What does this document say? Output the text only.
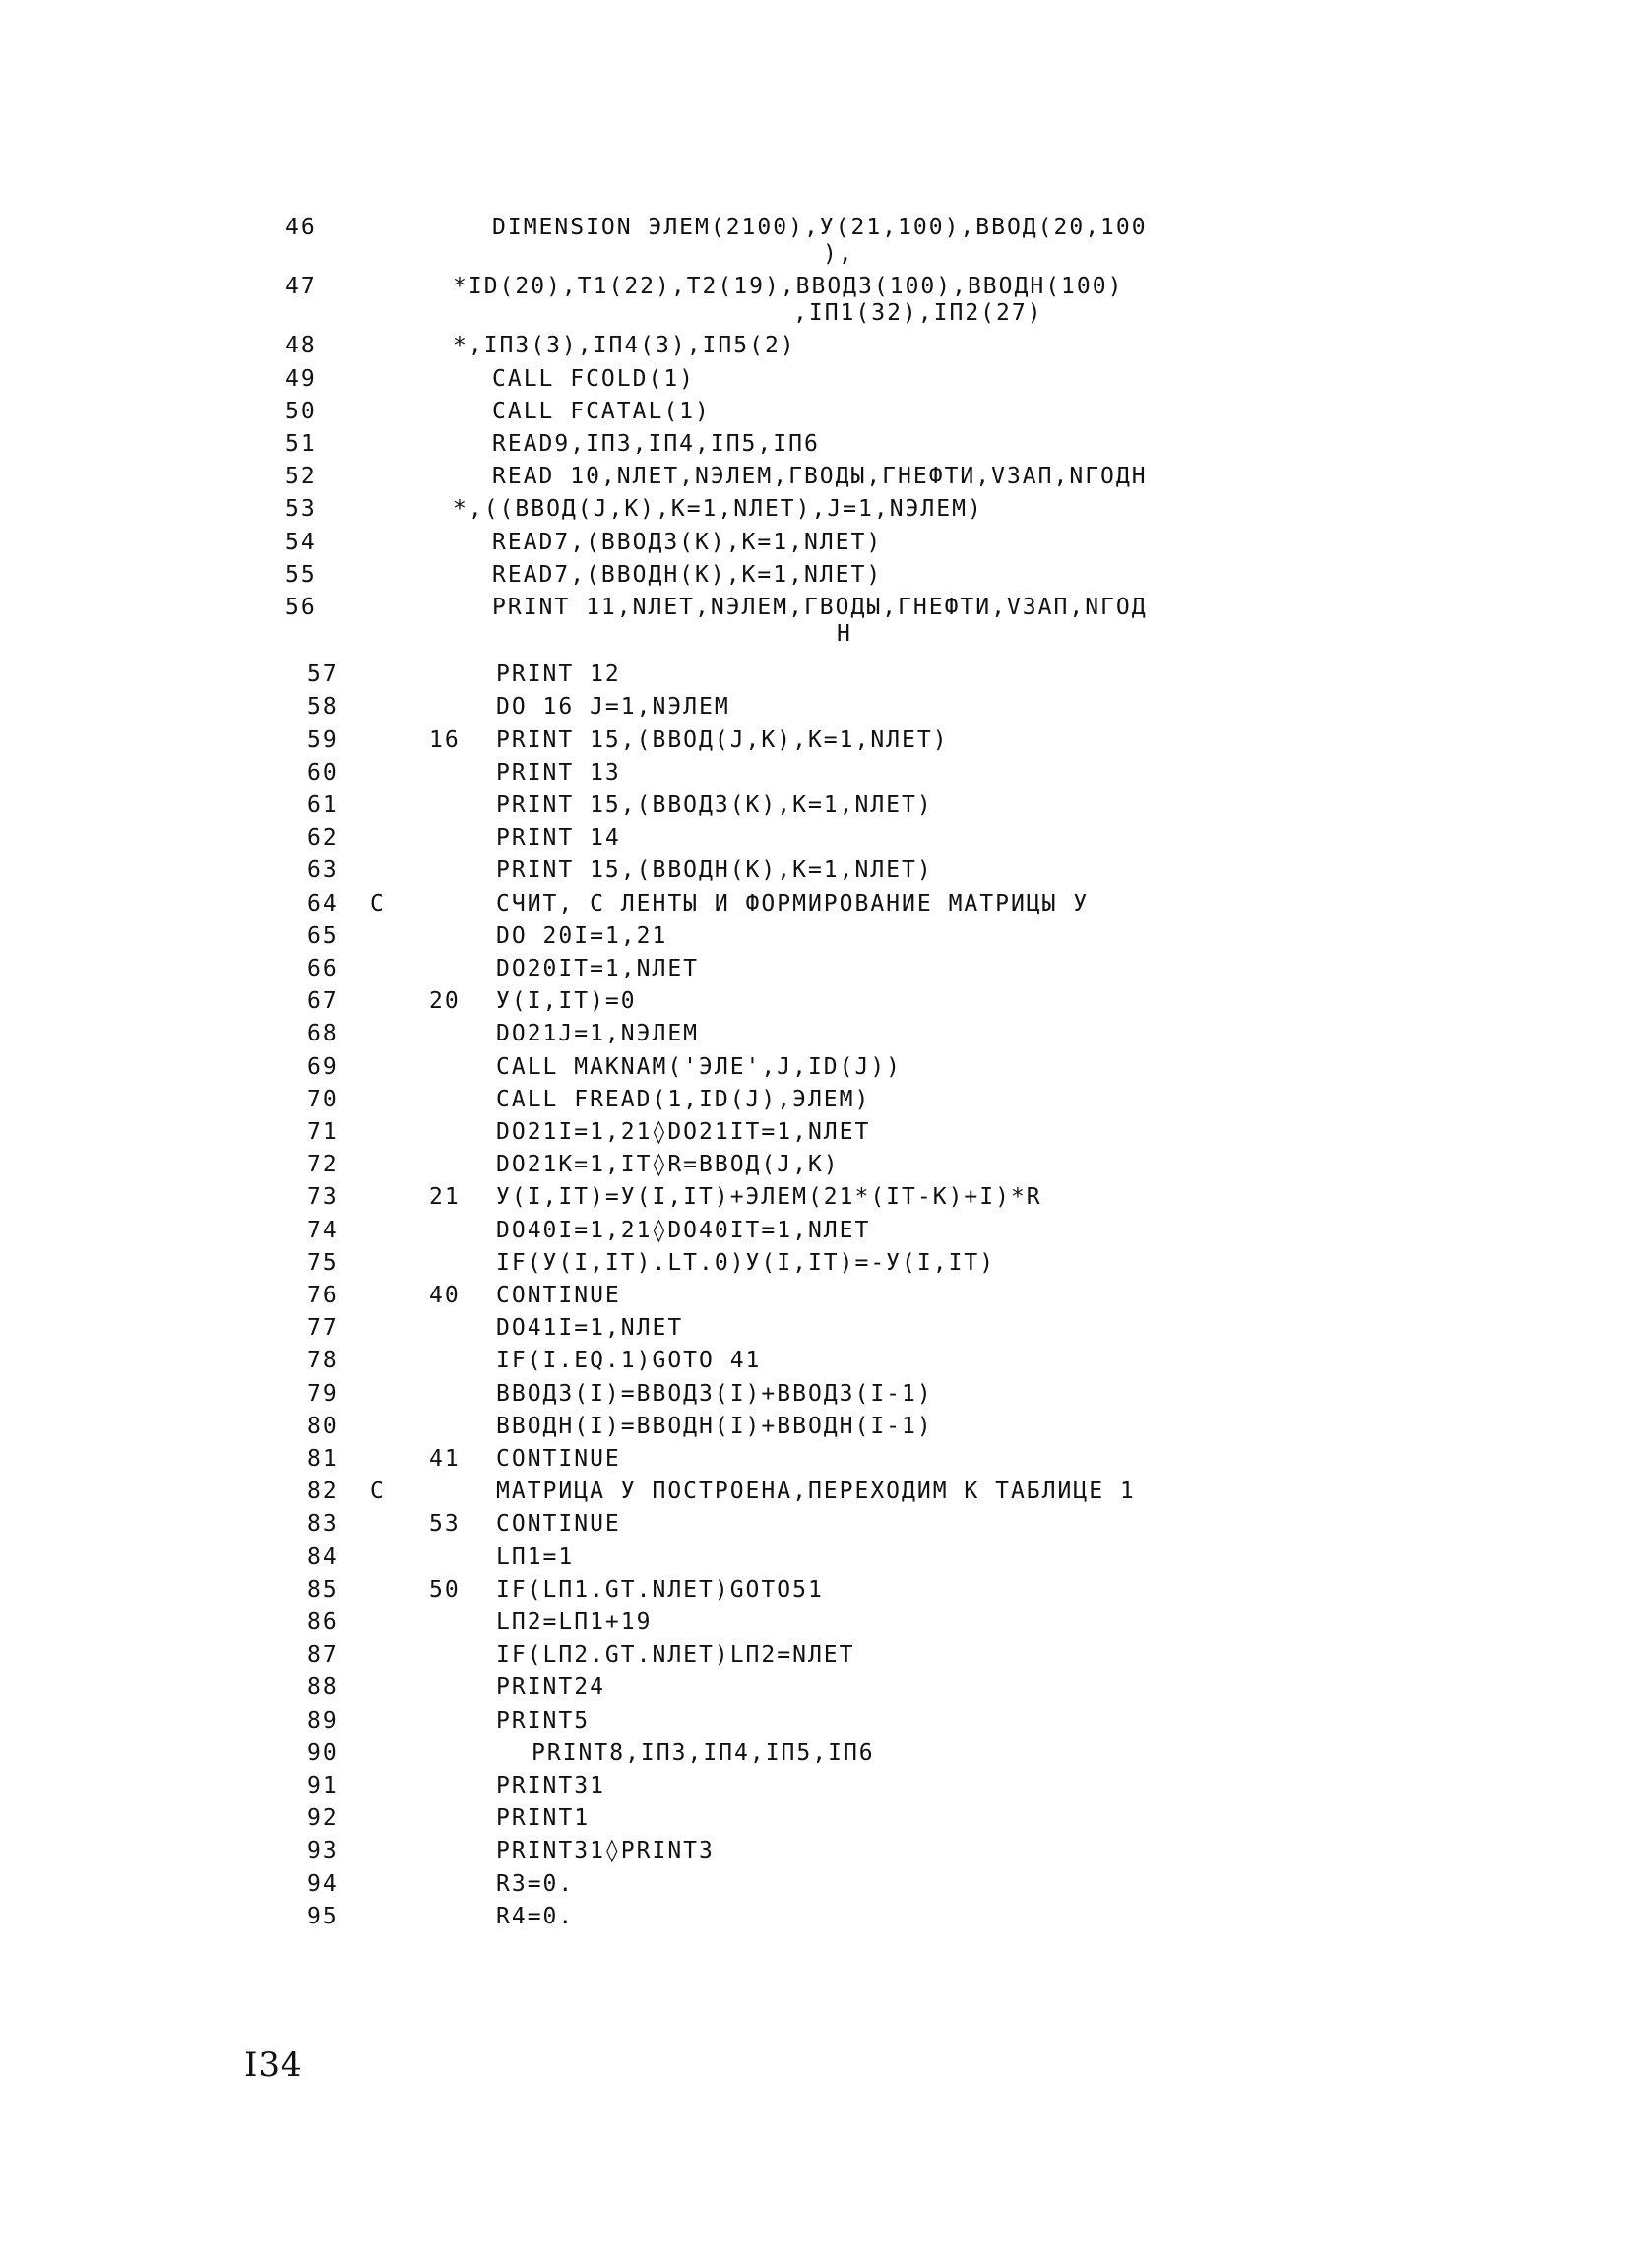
46	DIMENSION ЭЛЕМ(2100),У(21,100),ВВОД(20,100
),
47	*ID(20),T1(22),T2(19),ВВОДЗ(100),ВВОДН(100)
,IП1(32),IП2(27)
48	*,IП3(3),IП4(3),IП5(2)
49	CALL FCOLD(1)
50	CALL FCATAL(1)
51	READ9,IП3,IП4,IП5,IП6
52	READ 10,NЛЕТ,NЭЛЕМ,ГВОДЫ,ГНЕФТИ,VЗАП,NГОДН
53	*,((ВВОД(J,K),K=1,NЛЕТ),J=1,NЭЛЕМ)
54	READ7,(ВВОДЗ(K),K=1,NЛЕТ)
55	READ7,(ВВОДН(K),K=1,NЛЕТ)
56	PRINT 11,NЛЕТ,NЭЛЕМ,ГВОДЫ,ГНЕФТИ,VЗАП,NГОД
Н
57	PRINT 12
58	DO 16 J=1,NЭЛЕМ
59	16 PRINT 15,(ВВОД(J,K),K=1,NЛЕТ)
60	PRINT 13
61	PRINT 15,(ВВОДЗ(K),K=1,NЛЕТ)
62	PRINT 14
63	PRINT 15,(ВВОДН(K),K=1,NЛЕТ)
64	C	СЧИТ, С ЛЕНТЫ И ФОРМИРОВАНИЕ МАТРИЦЫ У
65	DO 20I=1,21
66	DO20IT=1,NЛЕТ
67	20 У(I,IT)=0
68	DO21J=1,NЭЛЕМ
69	CALL MAKNAM('ЭЛЕ',J,ID(J))
70	CALL FREAD(1,ID(J),ЭЛЕМ)
71	DO21I=1,21◊DO21IT=1,NЛЕТ
72	DO21K=1,IT◊R=ВВОД(J,K)
73	21 У(I,IT)=У(I,IT)+ЭЛЕМ(21*(IT-K)+I)*R
74	DO40I=1,21◊DO40IT=1,NЛЕТ
75	IF(У(I,IT).LT.0)У(I,IT)=-У(I,IT)
76	40 CONTINUE
77	DO41I=1,NЛЕТ
78	IF(I.EQ.1)GOTO 41
79	ВВОДЗ(I)=ВВОДЗ(I)+ВВОДЗ(I-1)
80	ВВОДН(I)=ВВОДН(I)+ВВОДН(I-1)
81	41 CONTINUE
82	C	МАТРИЦА У ПОСТРОЕНА,ПЕРЕХОДИМ К ТАБЛИЦЕ 1
83	53 CONTINUE
84	LП1=1
85	50 IF(LП1.GT.NЛЕТ)GOTO51
86	LП2=LП1+19
87	IF(LП2.GT.NЛЕТ)LП2=NЛЕТ
88	PRINT24
89	PRINT5
90	PRINT8,IП3,IП4,IП5,IП6
91	PRINT31
92	PRINT1
93	PRINT31◊PRINT3
94	R3=0.
95	R4=0.
I34
